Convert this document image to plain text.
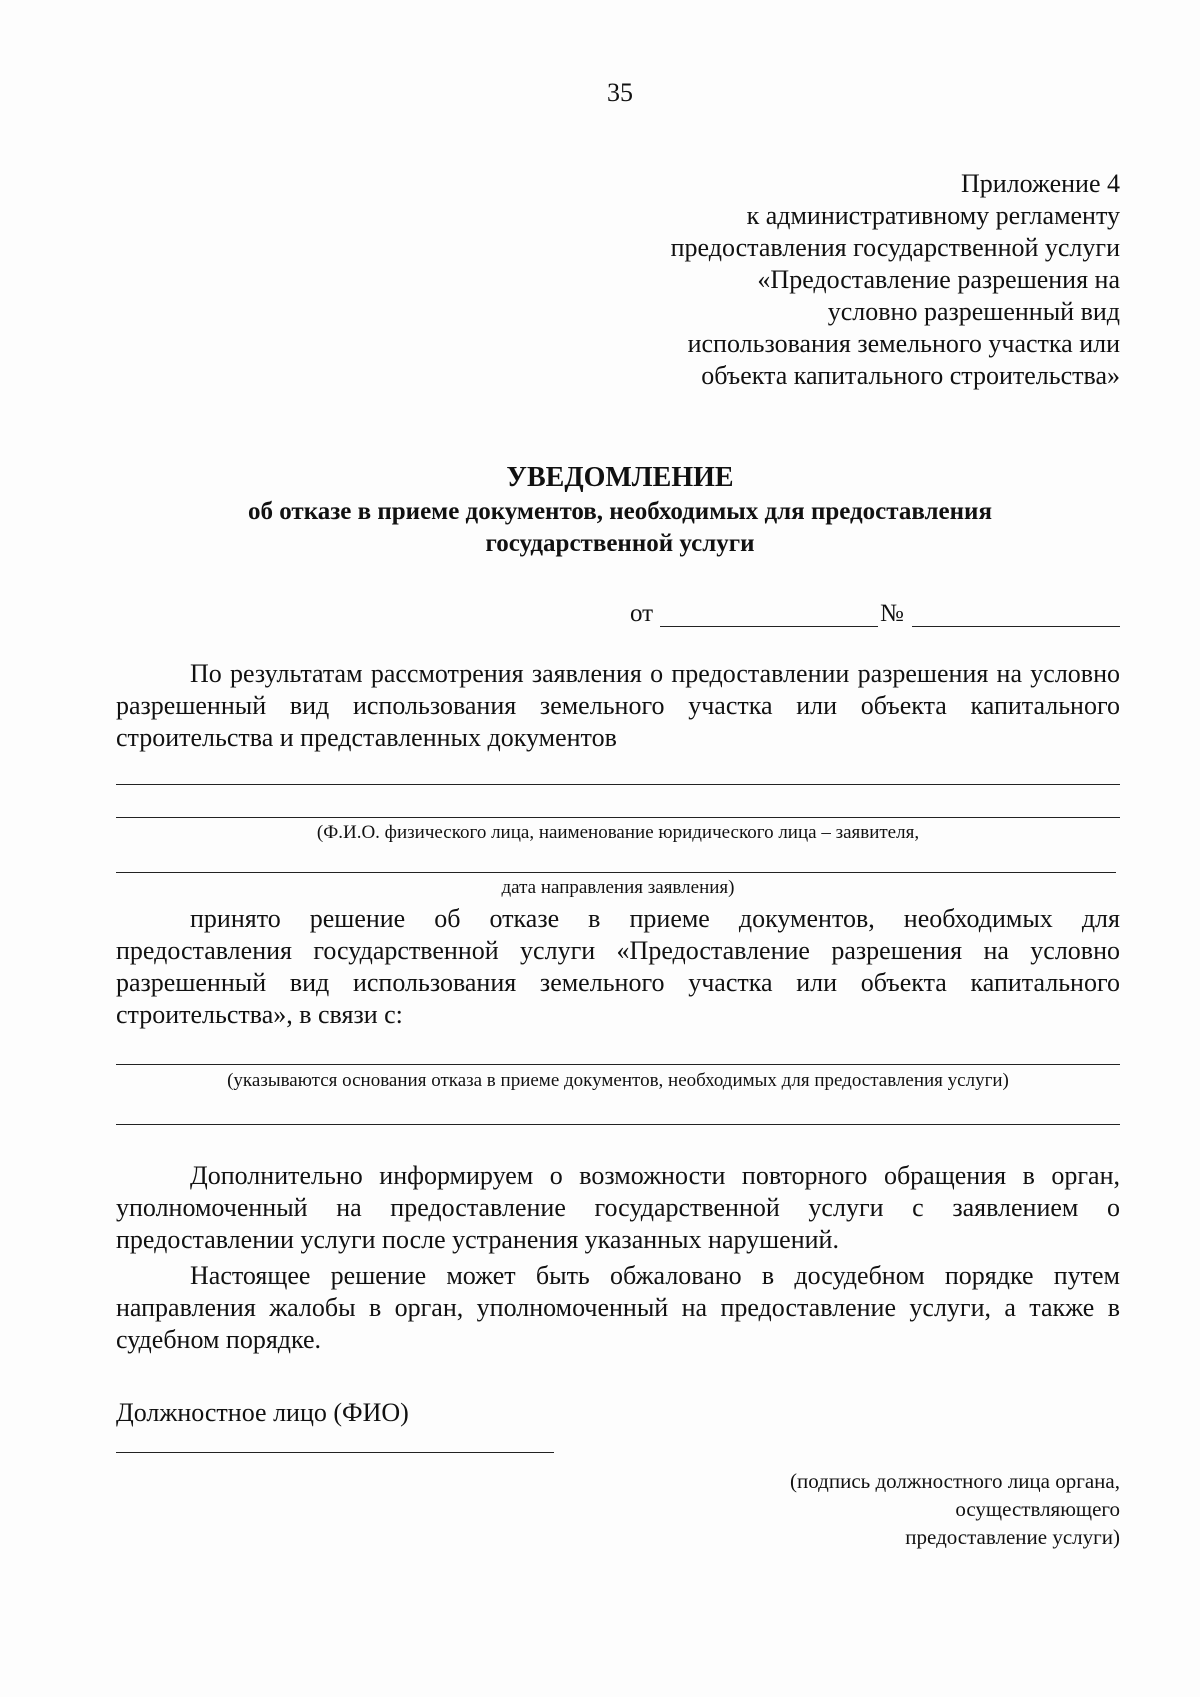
35
Приложение 4
к административному регламенту
предоставления государственной услуги
«Предоставление разрешения на
условно разрешенный вид
использования земельного участка или
объекта капитального строительства»
УВЕДОМЛЕНИЕ
об отказе в приеме документов, необходимых для предоставления государственной услуги
от	№
По результатам рассмотрения заявления о предоставлении разрешения на условно разрешенный вид использования земельного участка или объекта капитального строительства и представленных документов
(Ф.И.О. физического лица, наименование юридического лица – заявителя,
дата направления заявления)
принято решение об отказе в приеме документов, необходимых для предоставления государственной услуги «Предоставление разрешения на условно разрешенный вид использования земельного участка или объекта капитального строительства», в связи с:
(указываются основания отказа в приеме документов, необходимых для предоставления услуги)
Дополнительно информируем о возможности повторного обращения в орган, уполномоченный на предоставление государственной услуги с заявлением о предоставлении услуги после устранения указанных нарушений.
Настоящее решение может быть обжаловано в досудебном порядке путем направления жалобы в орган, уполномоченный на предоставление услуги, а также в судебном порядке.
Должностное лицо (ФИО)
(подпись должностного лица органа,
осуществляющего
предоставление услуги)
